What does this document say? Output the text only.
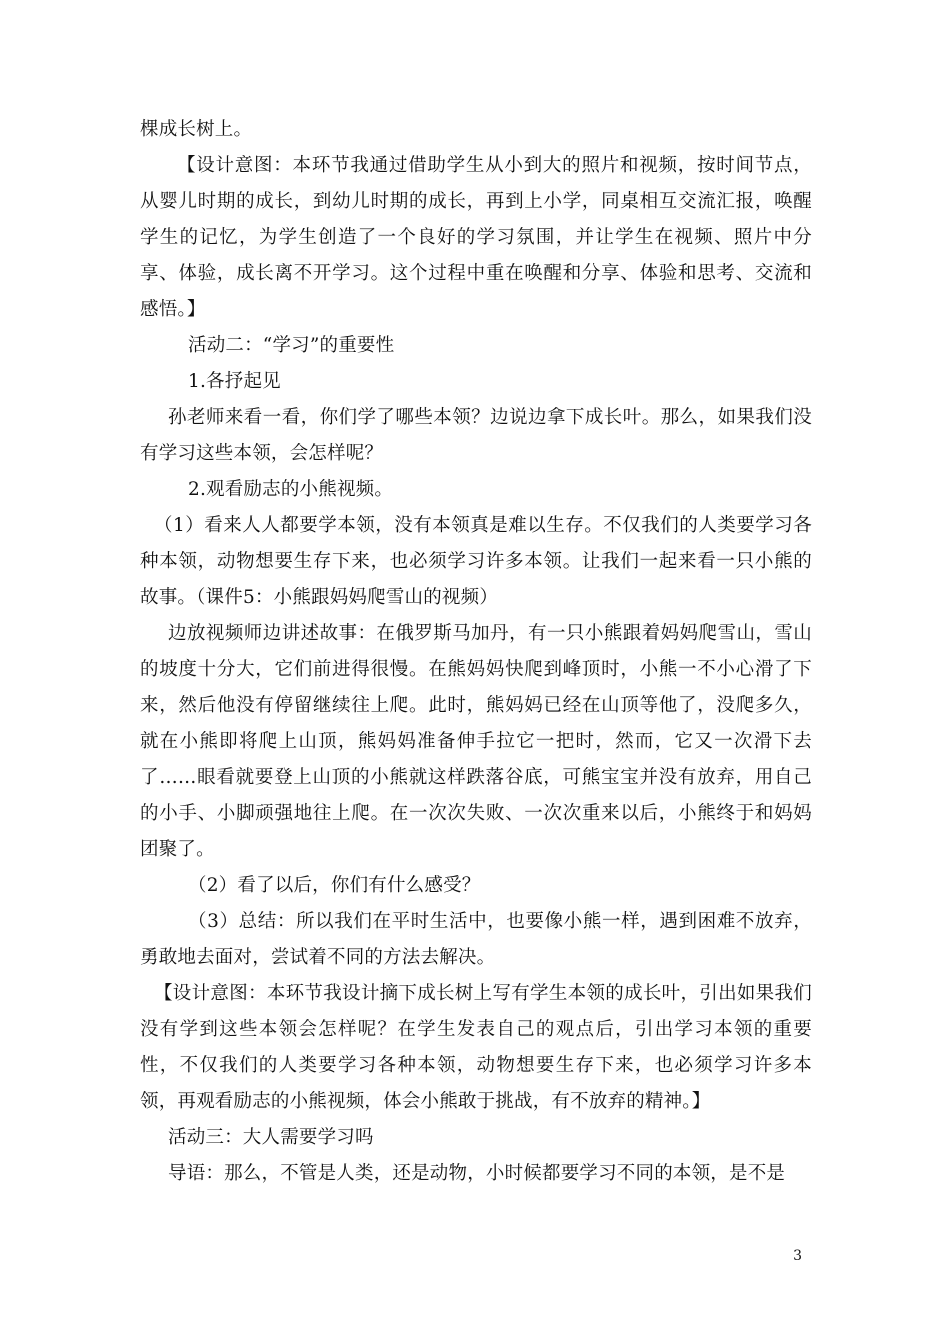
棵成长树上。

【设计意图：本环节我通过借助学生从小到大的照片和视频，按时间节点，从婴儿时期的成长，到幼儿时期的成长，再到上小学，同桌相互交流汇报，唤醒学生的记忆，为学生创造了一个良好的学习氛围，并让学生在视频、照片中分享、体验，成长离不开学习。这个过程中重在唤醒和分享、体验和思考、交流和感悟。】

活动二：“学习”的重要性

1.各抒起见

孙老师来看一看，你们学了哪些本领？边说边拿下成长叶。那么，如果我们没有学习这些本领，会怎样呢？

2.观看励志的小熊视频。

（1）看来人人都要学本领，没有本领真是难以生存。不仅我们的人类要学习各种本领，动物想要生存下来，也必须学习许多本领。让我们一起来看一只小熊的故事。（课件5：小熊跟妈妈爬雪山的视频）

边放视频师边讲述故事：在俄罗斯马加丹，有一只小熊跟着妈妈爬雪山，雪山的坡度十分大，它们前进得很慢。在熊妈妈快爬到峰顶时，小熊一不小心滑了下来，然后他没有停留继续往上爬。此时，熊妈妈已经在山顶等他了，没爬多久，就在小熊即将爬上山顶，熊妈妈准备伸手拉它一把时，然而，它又一次滑下去了……眼看就要登上山顶的小熊就这样跌落谷底，可熊宝宝并没有放弃，用自己的小手、小脚顽强地往上爬。在一次次失败、一次次重来以后，小熊终于和妈妈团聚了。

（2）看了以后，你们有什么感受？

（3）总结：所以我们在平时生活中，也要像小熊一样，遇到困难不放弃，勇敢地去面对，尝试着不同的方法去解决。

【设计意图：本环节我设计摘下成长树上写有学生本领的成长叶，引出如果我们没有学到这些本领会怎样呢？在学生发表自己的观点后，引出学习本领的重要性，不仅我们的人类要学习各种本领，动物想要生存下来，也必须学习许多本领，再观看励志的小熊视频，体会小熊敢于挑战，有不放弃的精神。】

活动三：大人需要学习吗

导语：那么，不管是人类，还是动物，小时候都要学习不同的本领，是不是

3
